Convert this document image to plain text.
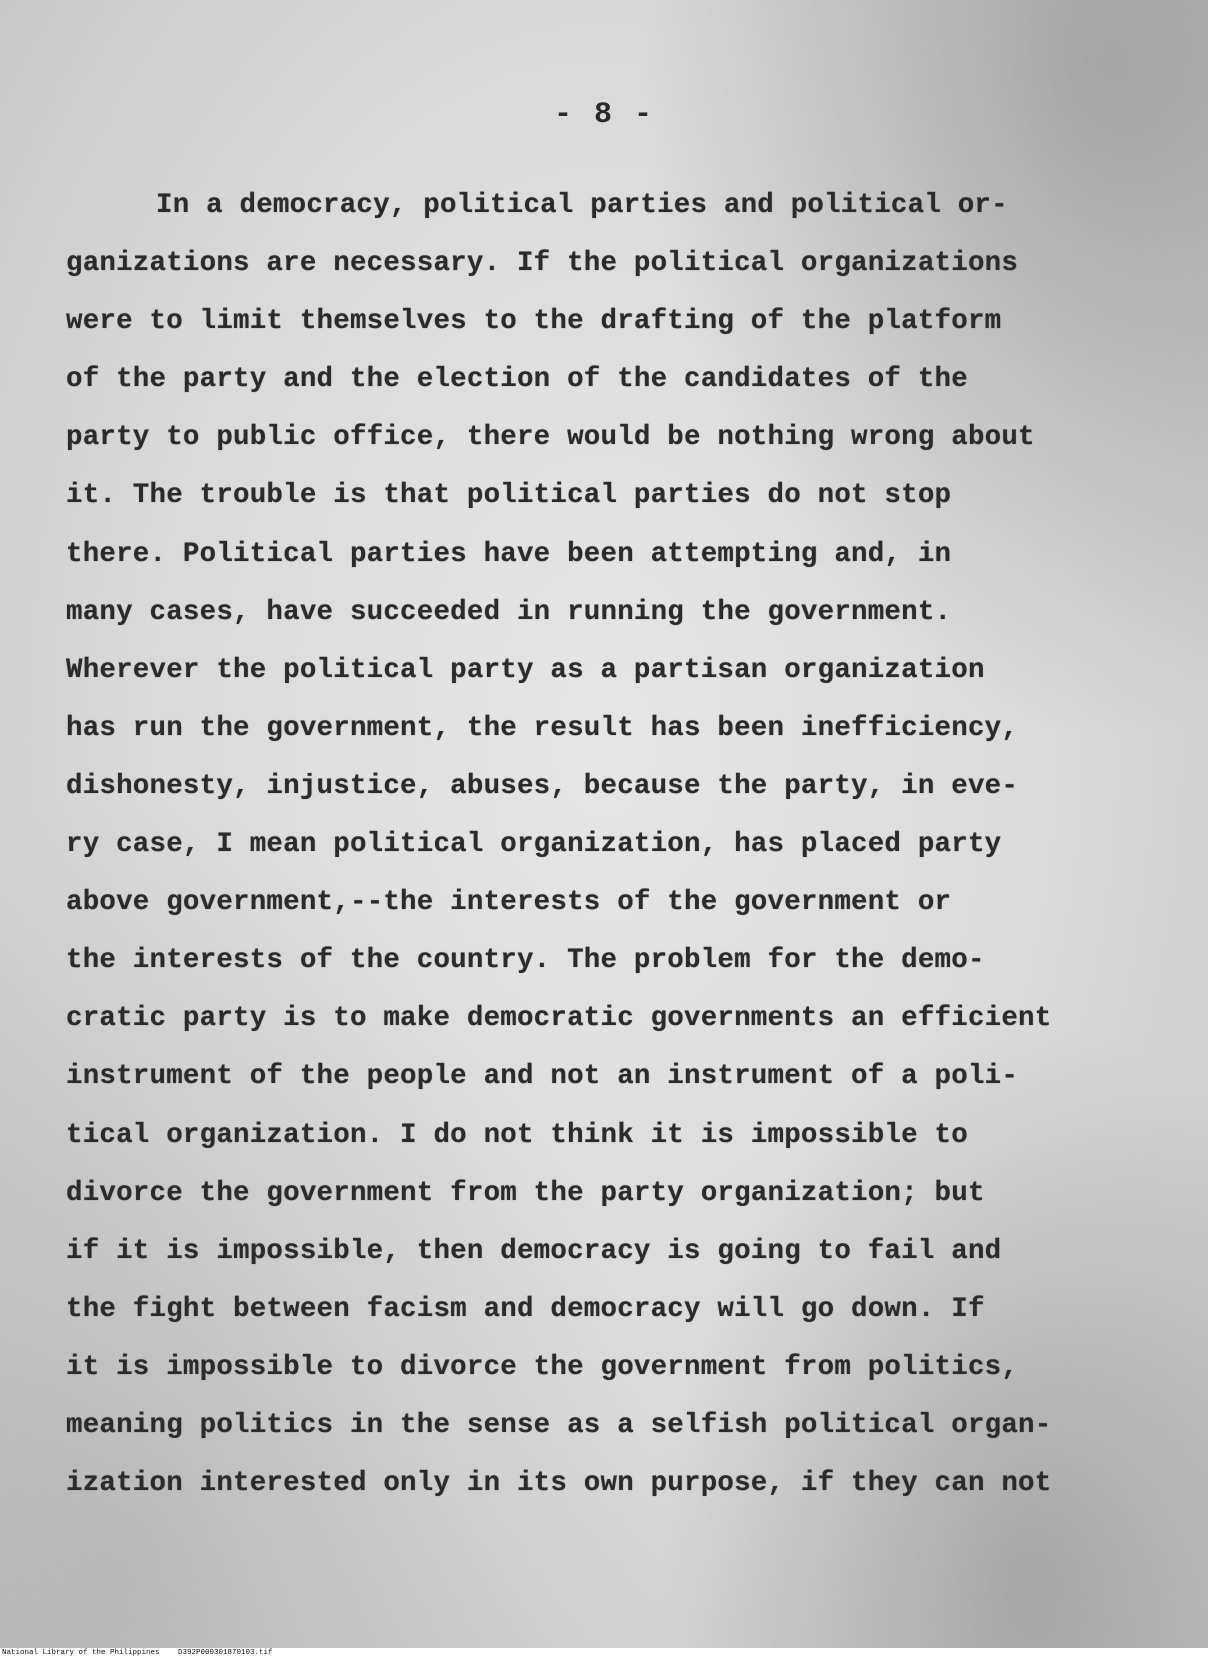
- 8 -
In a democracy, political parties and political or-
ganizations are necessary. If the political organizations
were to limit themselves to the drafting of the platform
of the party and the election of the candidates of the
party to public office, there would be nothing wrong about
it. The trouble is that political parties do not stop
there. Political parties have been attempting and, in
many cases, have succeeded in running the government.
Wherever the political party as a partisan organization
has run the government, the result has been inefficiency,
dishonesty, injustice, abuses, because the party, in eve-
ry case, I mean political organization, has placed party
above government,--the interests of the government or
the interests of the country. The problem for the demo-
cratic party is to make democratic governments an efficient
instrument of the people and not an instrument of a poli-
tical organization. I do not think it is impossible to
divorce the government from the party organization; but
if it is impossible, then democracy is going to fail and
the fight between facism and democracy will go down. If
it is impossible to divorce the government from politics,
meaning politics in the sense as a selfish political organ-
ization interested only in its own purpose, if they can not
National Library of the Philippines D392P000301870103.tif
